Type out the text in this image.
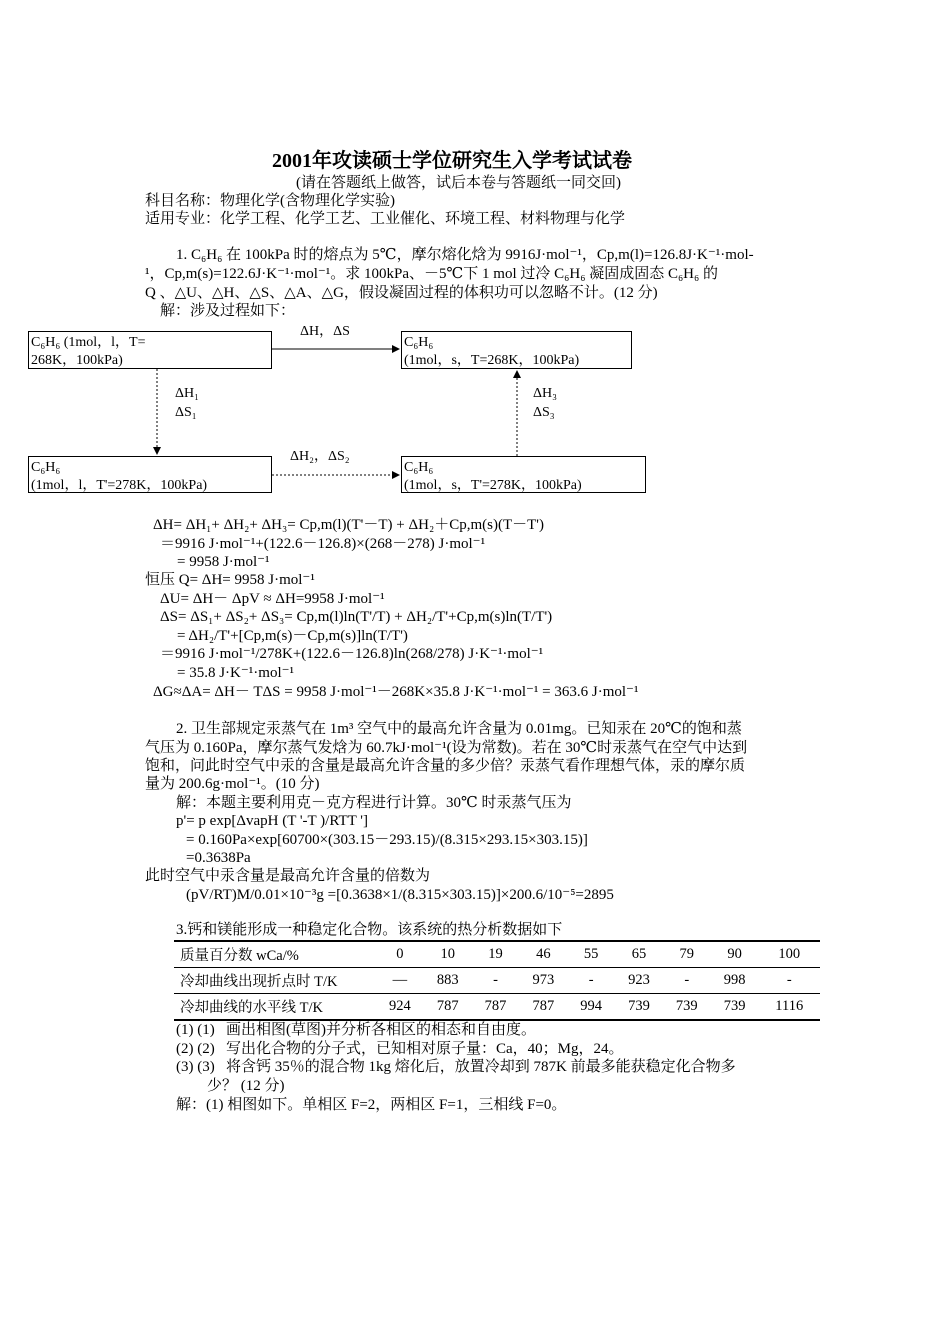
2001年攻读硕士学位研究生入学考试试卷
(请在答题纸上做答，试后本卷与答题纸一同交回)
科目名称：物理化学(含物理化学实验)
适用专业：化学工程、化学工艺、工业催化、环境工程、材料物理与化学
1. C₆H₆ 在 100kPa 时的熔点为 5℃，摩尔熔化焓为 9916J·mol⁻¹，Cp,m(l)=126.8J·K⁻¹·mol-
¹，Cp,m(s)=122.6J·K⁻¹·mol⁻¹。求 100kPa、－5℃下 1 mol 过冷 C₆H₆ 凝固成固态 C₆H₆ 的
Q 、△U、△H、△S、△A、△G，假设凝固过程的体积功可以忽略不计。(12 分)
解：涉及过程如下：
C₆H₆ (1mol，l，T=
268K，100kPa)
C₆H₆
(1mol，s，T=268K，100kPa)
C₆H₆
(1mol，l，T'=278K，100kPa)
C₆H₆
(1mol，s，T'=278K，100kPa)
ΔH，ΔS
ΔH₂，ΔS₂
ΔH₁
ΔS₁
ΔH₃
ΔS₃
ΔH= ΔH₁+ ΔH₂+ ΔH₃= Cp,m(l)(T'－T) + ΔH₂＋Cp,m(s)(T－T')
＝9916 J·mol⁻¹+(122.6－126.8)×(268－278) J·mol⁻¹
= 9958 J·mol⁻¹
恒压 Q= ΔH= 9958 J·mol⁻¹
ΔU= ΔH－ ΔpV ≈ ΔH=9958 J·mol⁻¹
ΔS= ΔS₁+ ΔS₂+ ΔS₃= Cp,m(l)ln(T'/T) + ΔH₂/T'+Cp,m(s)ln(T/T')
= ΔH₂/T'+[Cp,m(s)－Cp,m(s)]ln(T/T')
＝9916 J·mol⁻¹/278K+(122.6－126.8)ln(268/278) J·K⁻¹·mol⁻¹
= 35.8 J·K⁻¹·mol⁻¹
ΔG≈ΔA= ΔH－ TΔS = 9958 J·mol⁻¹－268K×35.8 J·K⁻¹·mol⁻¹ = 363.6 J·mol⁻¹
2. 卫生部规定汞蒸气在 1m³ 空气中的最高允许含量为 0.01mg。已知汞在 20℃的饱和蒸
气压为 0.160Pa，摩尔蒸气发焓为 60.7kJ·mol⁻¹(设为常数)。若在 30℃时汞蒸气在空气中达到
饱和，问此时空气中汞的含量是最高允许含量的多少倍？汞蒸气看作理想气体，汞的摩尔质
量为 200.6g·mol⁻¹。(10 分)
解：本题主要利用克－克方程进行计算。30℃ 时汞蒸气压为
p'= p exp[ΔvapH (T '-T )/RTT ']
= 0.160Pa×exp[60700×(303.15－293.15)/(8.315×293.15×303.15)]
=0.3638Pa
此时空气中汞含量是最高允许含量的倍数为
(pV/RT)M/0.01×10⁻³g =[0.3638×1/(8.315×303.15)]×200.6/10⁻⁵=2895
3.钙和镁能形成一种稳定化合物。该系统的热分析数据如下
质量百分数 wCa/%	0	10	19	46	55	65	79	90	100
冷却曲线出现折点时 T/K	—	883	-	973	-	923	-	998	-
冷却曲线的水平线 T/K	924	787	787	787	994	739	739	739	1116
(1) (1) 画出相图(草图)并分析各相区的相态和自由度。
(2) (2) 写出化合物的分子式，已知相对原子量：Ca，40；Mg，24。
(3) (3) 将含钙 35％的混合物 1kg 熔化后，放置冷却到 787K 前最多能获稳定化合物多
少？ (12 分)
解：(1) 相图如下。单相区 F=2，两相区 F=1，三相线 F=0。
